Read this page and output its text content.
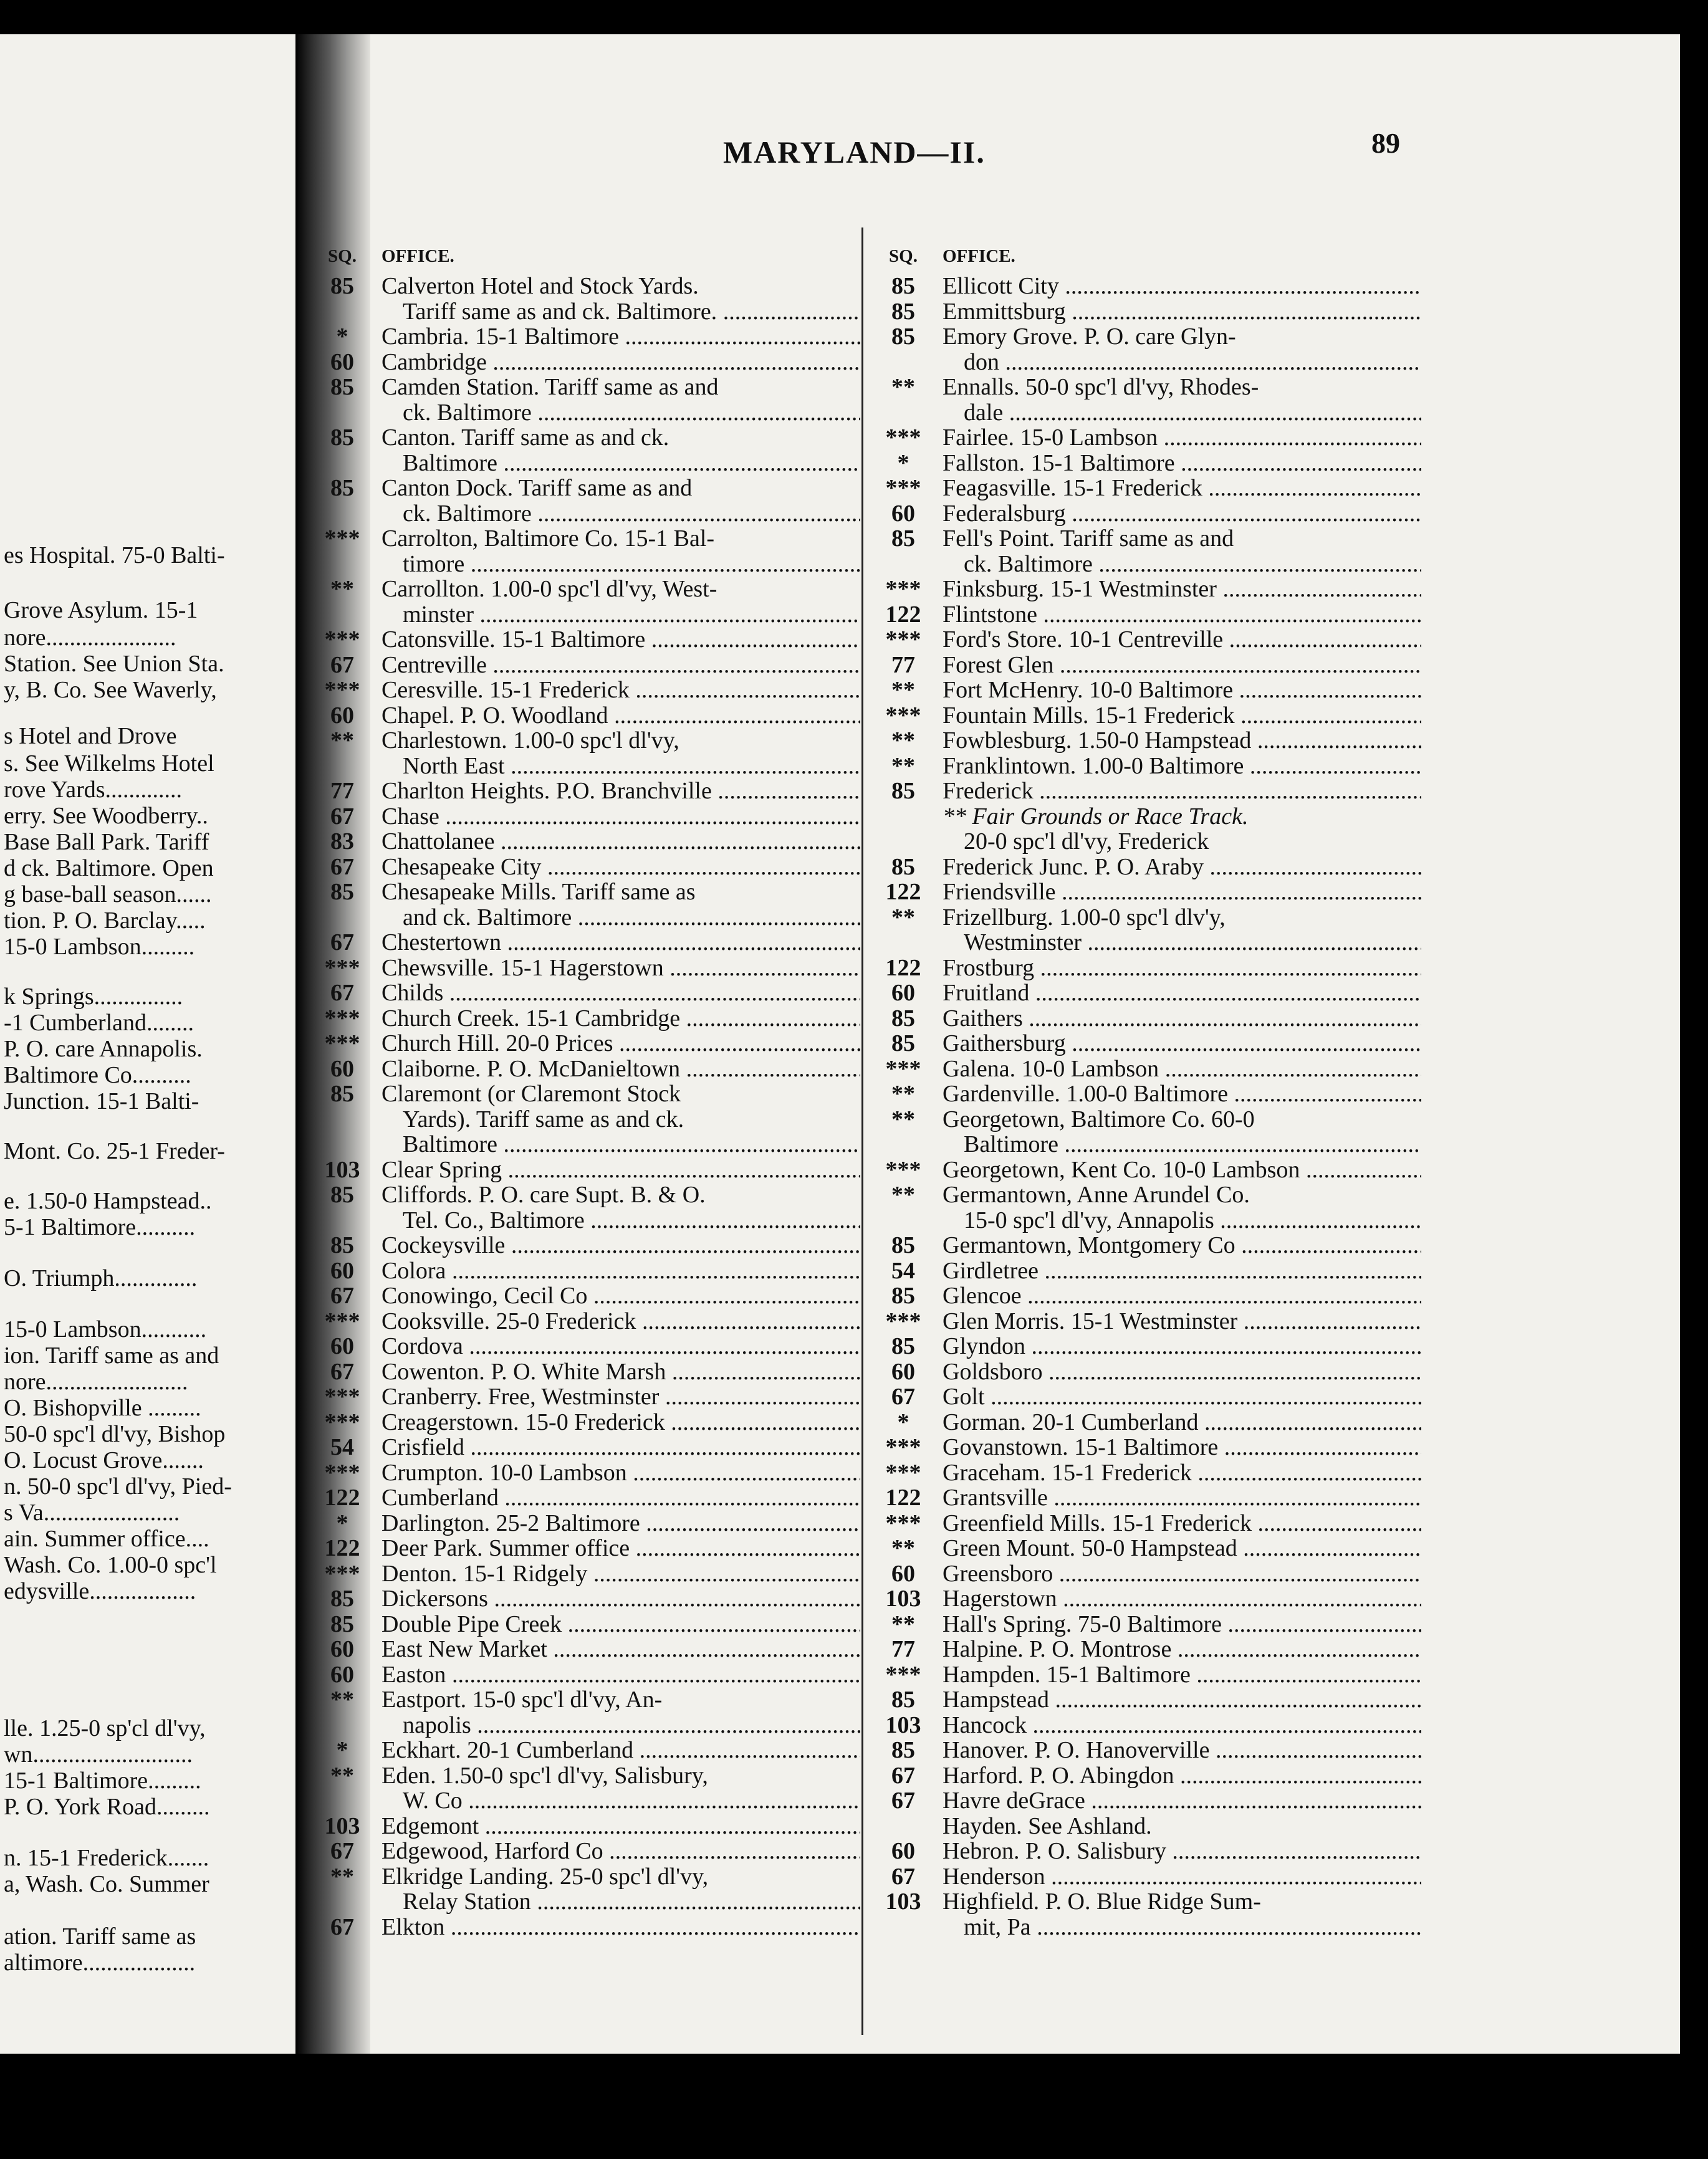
es Hospital. 75-0 Balti-
Grove Asylum. 15-1
nore......................
Station. See Union Sta.
y, B. Co. See Waverly,
s Hotel and Drove
s. See Wilkelms Hotel
rove Yards.............
erry. See Woodberry..
Base Ball Park. Tariff
d ck. Baltimore. Open
g base-ball season......
tion. P. O. Barclay.....
15-0 Lambson.........
k Springs...............
-1 Cumberland........
P. O. care Annapolis.
Baltimore Co..........
Junction. 15-1 Balti-
Mont. Co. 25-1 Freder-
e. 1.50-0 Hampstead..
5-1 Baltimore..........
O. Triumph..............
15-0 Lambson...........
ion. Tariff same as and
nore........................
O. Bishopville .........
50-0 spc'l dl'vy, Bishop
O. Locust Grove.......
n. 50-0 spc'l dl'vy, Pied-
s Va.......................
ain. Summer office....
Wash. Co. 1.00-0 spc'l
edysville..................
lle. 1.25-0 sp'cl dl'vy,
wn...........................
15-1 Baltimore.........
P. O. York Road.........
n. 15-1 Frederick.......
a, Wash. Co. Summer
ation. Tariff same as
altimore...................
MARYLAND—II.	89
SQ.	OFFICE.
85	Calverton Hotel and Stock Yards.
Tariff same as and ck. Baltimore. .....
*	Cambria. 15-1 Baltimore .....
60	Cambridge .....
85	Camden Station. Tariff same as and
ck. Baltimore .....
85	Canton. Tariff same as and ck.
Baltimore .....
85	Canton Dock. Tariff same as and
ck. Baltimore .....
*** Carrolton, Baltimore Co. 15-1 Bal-
timore .....
**	Carrollton. 1.00-0 spc'l dl'vy, West-
minster .....
*** Catonsville. 15-1 Baltimore .....
67	Centreville .....
*** Ceresville. 15-1 Frederick .....
60	Chapel. P. O. Woodland .....
**	Charlestown. 1.00-0 spc'l dl'vy,
North East .....
77	Charlton Heights. P.O. Branchville .....
67	Chase .....
83	Chattolanee .....
67	Chesapeake City .....
85	Chesapeake Mills. Tariff same as
and ck. Baltimore .....
67	Chestertown .....
*** Chewsville. 15-1 Hagerstown .....
67	Childs .....
*** Church Creek. 15-1 Cambridge .....
*** Church Hill. 20-0 Prices .....
60	Claiborne. P. O. McDanieltown .....
85	Claremont (or Claremont Stock
Yards). Tariff same as and ck.
Baltimore .....
103 Clear Spring .....
85	Cliffords. P. O. care Supt. B. & O.
Tel. Co., Baltimore .....
85	Cockeysville .....
60	Colora .....
67	Conowingo, Cecil Co .....
*** Cooksville. 25-0 Frederick .....
60	Cordova .....
67	Cowenton. P. O. White Marsh .....
*** Cranberry. Free, Westminster .....
*** Creagerstown. 15-0 Frederick .....
54	Crisfield .....
*** Crumpton. 10-0 Lambson .....
122 Cumberland .....
*	Darlington. 25-2 Baltimore .....
122 Deer Park. Summer office .....
*** Denton. 15-1 Ridgely .....
85	Dickersons .....
85	Double Pipe Creek .....
60	East New Market .....
60	Easton .....
**	Eastport. 15-0 spc'l dl'vy, An-
napolis .....
*	Eckhart. 20-1 Cumberland .....
**	Eden. 1.50-0 spc'l dl'vy, Salisbury,
W. Co .....
103 Edgemont .....
67	Edgewood, Harford Co .....
**	Elkridge Landing. 25-0 spc'l dl'vy,
Relay Station .....
67	Elkton .....
SQ.	OFFICE.
85	Ellicott City .....
85	Emmittsburg .....
85	Emory Grove. P. O. care Glyn-
don .....
**	Ennalls. 50-0 spc'l dl'vy, Rhodes-
dale .....
*** Fairlee. 15-0 Lambson .....
*	Fallston. 15-1 Baltimore .....
*** Feagasville. 15-1 Frederick .....
60	Federalsburg .....
85	Fell's Point. Tariff same as and
ck. Baltimore .....
*** Finksburg. 15-1 Westminster .....
122 Flintstone .....
*** Ford's Store. 10-1 Centreville .....
77	Forest Glen .....
**	Fort McHenry. 10-0 Baltimore .....
*** Fountain Mills. 15-1 Frederick .....
**	Fowblesburg. 1.50-0 Hampstead .....
**	Franklintown. 1.00-0 Baltimore .....
85	Frederick .....
** Fair Grounds or Race Track.
20-0 spc'l dl'vy, Frederick
85	Frederick Junc. P. O. Araby .....
122 Friendsville .....
**	Frizellburg. 1.00-0 spc'l dlv'y,
Westminster .....
122 Frostburg .....
60	Fruitland .....
85	Gaithers .....
85	Gaithersburg .....
*** Galena. 10-0 Lambson .....
**	Gardenville. 1.00-0 Baltimore .....
**	Georgetown, Baltimore Co. 60-0
Baltimore .....
*** Georgetown, Kent Co. 10-0 Lambson .....
**	Germantown, Anne Arundel Co.
15-0 spc'l dl'vy, Annapolis .....
85	Germantown, Montgomery Co .....
54	Girdletree .....
85	Glencoe .....
*** Glen Morris. 15-1 Westminster .....
85	Glyndon .....
60	Goldsboro .....
67	Golt .....
*	Gorman. 20-1 Cumberland .....
*** Govanstown. 15-1 Baltimore .....
*** Graceham. 15-1 Frederick .....
122 Grantsville .....
*** Greenfield Mills. 15-1 Frederick .....
**	Green Mount. 50-0 Hampstead .....
60	Greensboro .....
103 Hagerstown .....
**	Hall's Spring. 75-0 Baltimore .....
77	Halpine. P. O. Montrose .....
*** Hampden. 15-1 Baltimore .....
85	Hampstead .....
103 Hancock .....
85	Hanover. P. O. Hanoverville .....
67	Harford. P. O. Abingdon .....
67	Havre deGrace .....
Hayden. See Ashland.
60	Hebron. P. O. Salisbury .....
67	Henderson .....
103 Highfield. P. O. Blue Ridge Sum-
mit, Pa .....
